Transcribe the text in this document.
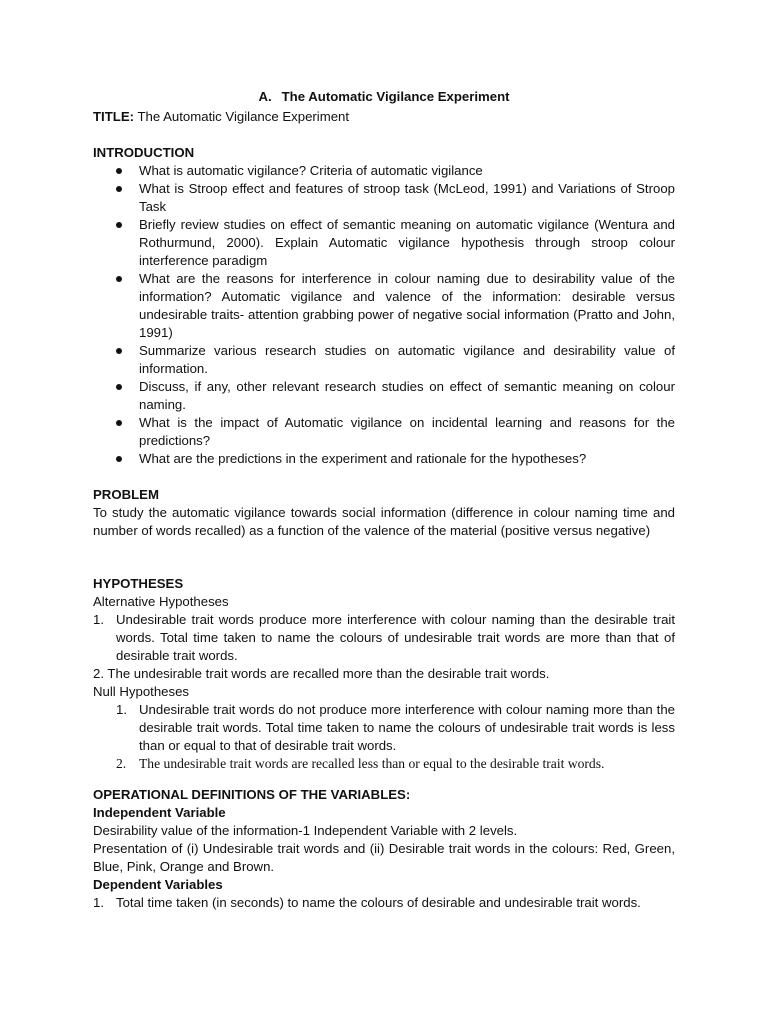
A. The Automatic Vigilance Experiment
TITLE: The Automatic Vigilance Experiment
INTRODUCTION
What is automatic vigilance? Criteria of automatic vigilance
What is Stroop effect and features of stroop task (McLeod, 1991) and Variations of Stroop Task
Briefly review studies on effect of semantic meaning on automatic vigilance (Wentura and Rothurmund, 2000). Explain Automatic vigilance hypothesis through stroop colour interference paradigm
What are the reasons for interference in colour naming due to desirability value of the information? Automatic vigilance and valence of the information: desirable versus undesirable traits- attention grabbing power of negative social information (Pratto and John, 1991)
Summarize various research studies on automatic vigilance and desirability value of information.
Discuss, if any, other relevant research studies on effect of semantic meaning on colour naming.
What is the impact of Automatic vigilance on incidental learning and reasons for the predictions?
What are the predictions in the experiment and rationale for the hypotheses?
PROBLEM
To study the automatic vigilance towards social information (difference in colour naming time and number of words recalled) as a function of the valence of the material (positive versus negative)
HYPOTHESES
Alternative Hypotheses
1. Undesirable trait words produce more interference with colour naming than the desirable trait words. Total time taken to name the colours of undesirable trait words are more than that of desirable trait words.
2. The undesirable trait words are recalled more than the desirable trait words.
Null Hypotheses
1. Undesirable trait words do not produce more interference with colour naming more than the desirable trait words. Total time taken to name the colours of undesirable trait words is less than or equal to that of desirable trait words.
2. The undesirable trait words are recalled less than or equal to the desirable trait words.
OPERATIONAL DEFINITIONS OF THE VARIABLES:
Independent Variable
Desirability value of the information-1 Independent Variable with 2 levels.
Presentation of (i) Undesirable trait words and (ii) Desirable trait words in the colours: Red, Green, Blue, Pink, Orange and Brown.
Dependent Variables
1. Total time taken (in seconds) to name the colours of desirable and undesirable trait words.
